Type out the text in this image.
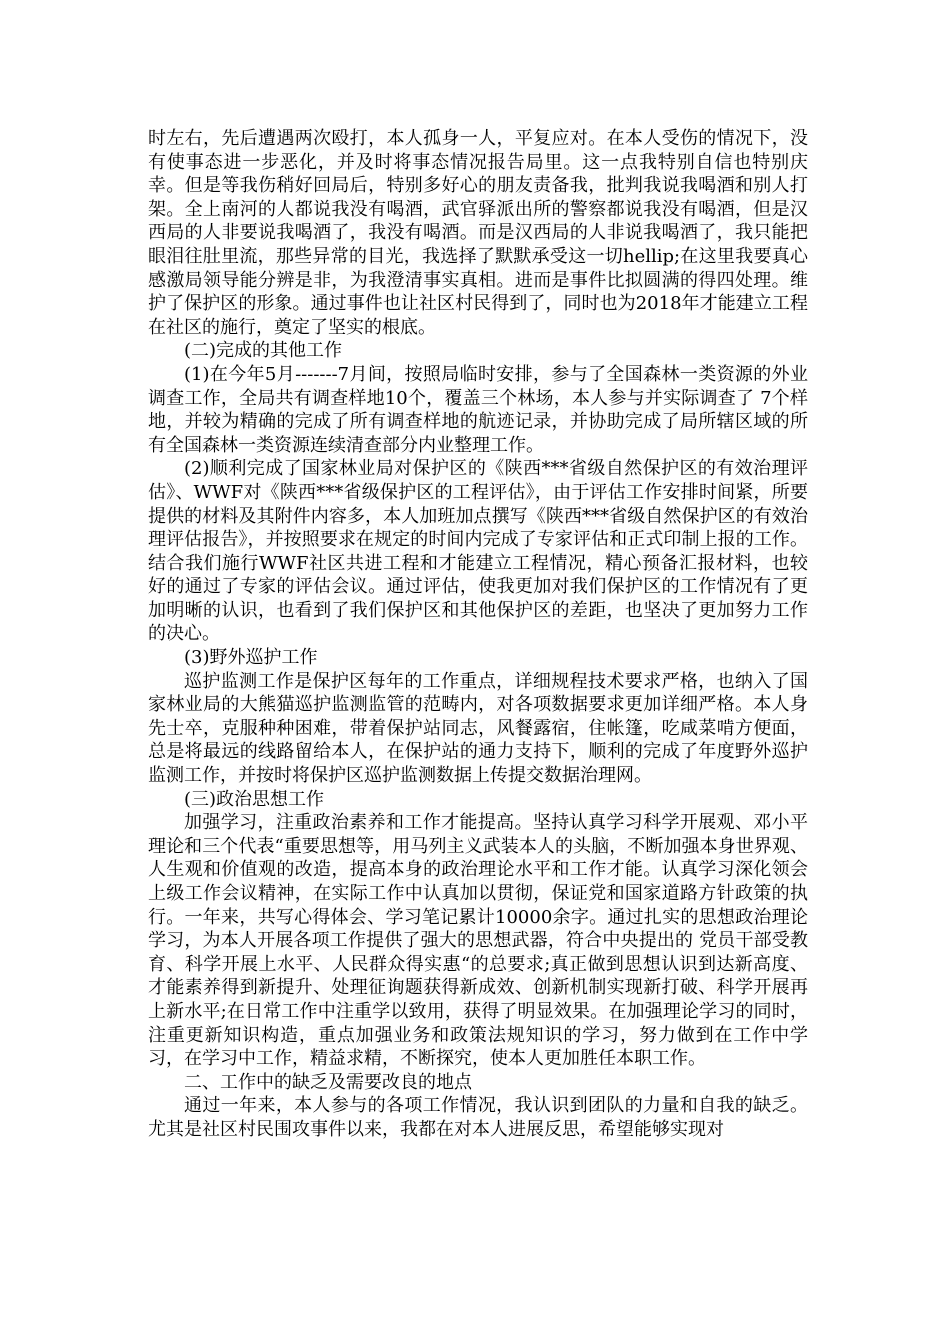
时左右，先后遭遇两次殴打，本人孤身一人，平复应对。在本人受伤的情况下，没有使事态进一步恶化，并及时将事态情况报告局里。这一点我特别自信也特别庆幸。但是等我伤稍好回局后，特别多好心的朋友责备我，批判我说我喝酒和别人打架。全上南河的人都说我没有喝酒，武官驿派出所的警察都说我没有喝酒，但是汉西局的人非要说我喝酒了，我没有喝酒。而是汉西局的人非说我喝酒了，我只能把眼泪往肚里流，那些异常的目光，我选择了默默承受这一切hellip;在这里我要真心感激局领导能分辨是非，为我澄清事实真相。进而是事件比拟圆满的得四处理。维护了保护区的形象。通过事件也让社区村民得到了，同时也为2018年才能建立工程在社区的施行，奠定了坚实的根底。

(二)完成的其他工作

(1)在今年5月-------7月间，按照局临时安排，参与了全国森林一类资源的外业调查工作，全局共有调查样地10个，覆盖三个林场，本人参与并实际调查了 7个样地，并较为精确的完成了所有调查样地的航迹记录，并协助完成了局所辖区域的所有全国森林一类资源连续清查部分内业整理工作。

(2)顺利完成了国家林业局对保护区的《陕西***省级自然保护区的有效治理评估》、WWF对《陕西***省级保护区的工程评估》，由于评估工作安排时间紧，所要提供的材料及其附件内容多，本人加班加点撰写《陕西***省级自然保护区的有效治理评估报告》，并按照要求在规定的时间内完成了专家评估和正式印制上报的工作。结合我们施行WWF社区共进工程和才能建立工程情况，精心预备汇报材料，也较好的通过了专家的评估会议。通过评估，使我更加对我们保护区的工作情况有了更加明晰的认识，也看到了我们保护区和其他保护区的差距，也坚决了更加努力工作的决心。

(3)野外巡护工作

巡护监测工作是保护区每年的工作重点，详细规程技术要求严格，也纳入了国家林业局的大熊猫巡护监测监管的范畴内，对各项数据要求更加详细严格。本人身先士卒，克服种种困难，带着保护站同志，风餐露宿，住帐篷，吃咸菜啃方便面，总是将最远的线路留给本人，在保护站的通力支持下，顺利的完成了年度野外巡护监测工作，并按时将保护区巡护监测数据上传提交数据治理网。

(三)政治思想工作

加强学习，注重政治素养和工作才能提高。坚持认真学习科学开展观、邓小平理论和三个代表“重要思想等，用马列主义武装本人的头脑，不断加强本身世界观、人生观和价值观的改造，提高本身的政治理论水平和工作才能。认真学习深化领会上级工作会议精神，在实际工作中认真加以贯彻，保证党和国家道路方针政策的执行。一年来，共写心得体会、学习笔记累计10000余字。通过扎实的思想政治理论学习，为本人开展各项工作提供了强大的思想武器，符合中央提出的 党员干部受教育、科学开展上水平、人民群众得实惠“的总要求;真正做到思想认识到达新高度、才能素养得到新提升、处理征询题获得新成效、创新机制实现新打破、科学开展再上新水平;在日常工作中注重学以致用，获得了明显效果。在加强理论学习的同时，注重更新知识构造，重点加强业务和政策法规知识的学习，努力做到在工作中学习，在学习中工作，精益求精，不断探究，使本人更加胜任本职工作。

二、工作中的缺乏及需要改良的地点

通过一年来，本人参与的各项工作情况，我认识到团队的力量和自我的缺乏。尤其是社区村民围攻事件以来，我都在对本人进展反思，希望能够实现对
